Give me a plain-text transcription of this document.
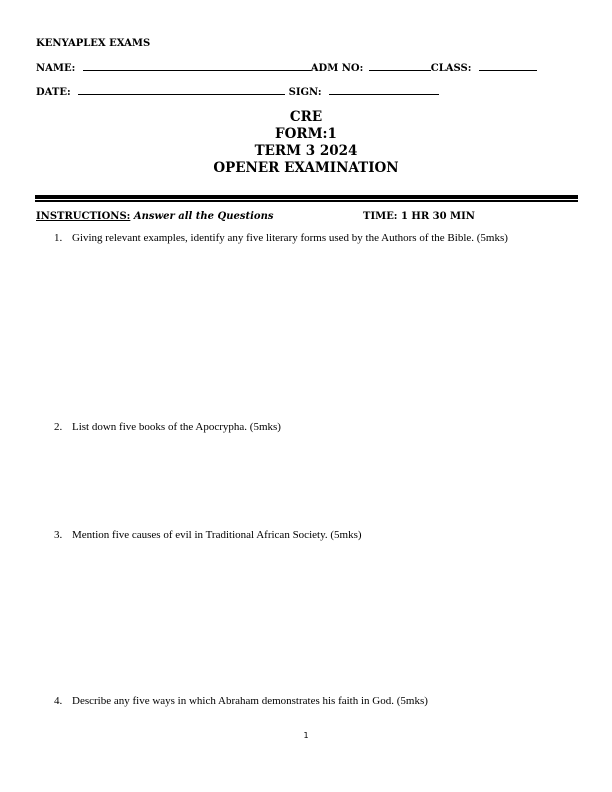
KENYAPLEX EXAMS
NAME:	ADM NO:	CLASS:
DATE:	SIGN:
CRE
FORM:1
TERM 3 2024
OPENER EXAMINATION
INSTRUCTIONS: Answer all the Questions	TIME: 1 HR 30 MIN
1. Giving relevant examples, identify any five literary forms used by the Authors of the Bible. (5mks)
2. List down five books of the Apocrypha. (5mks)
3. Mention five causes of evil in Traditional African Society. (5mks)
4. Describe any five ways in which Abraham demonstrates his faith in God. (5mks)
1
